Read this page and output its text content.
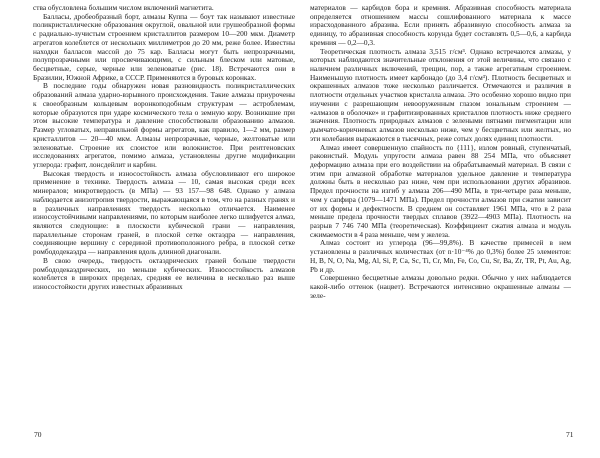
ства обусловлена большим числом включений магнетита.

Балласы, дробеобразный борт, алмазы Куппа — боут так называют известные поликристаллические образования округлой, овальной или грушеобразной формы с радиально-лучистым строением кристаллитов размером 10—200 мкм. Диаметр агрегатов колеблется от нескольких миллиметров до 20 мм, реже более. Известны находки балласов массой до 75 кар. Балласы могут быть непрозрачными, полупрозрачными или просвечивающими, с сильным блеском или матовые, бесцветные, серые, черные или зеленоватые (рис. 18). Встречаются они в Бразилии, Южной Африке, в СССР. Применяются в буровых коронках.

В последние годы обнаружен новая разновидность поликристаллических образований алмаза ударно-взрывного происхождения. Такие алмазы приурочены к своеобразным кольцевым воронкоподобным структурам — астроблемам, которые образуются при ударе космического тела о земную кору. Возникшие при этом высокие температура и давление способствовали образованию алмазов. Размер угловатых, неправильной формы агрегатов, как правило, 1—2 мм, размер кристаллитов — 20—40 мкм. Алмазы непрозрачные, черные, желтоватые или зеленоватые. Строение их слоистое или волокнистое. При рентгеновских исследованиях агрегатов, помимо алмаза, установлены другие модификации углерода: графит, лонсдейлит и карбин.

Высокая твердость и износостойкость алмаза обусловливают его широкое применение в технике. Твердость алмаза — 10, самая высокая среди всех минералов; микротвердость (в МПа) — 93 157—98 648. Однако у алмаза наблюдается анизотропия твердости, выражающаяся в том, что на разных гранях и в различных направлениях твердость несколько отличается. Наименее износоустойчивыми направлениями, по которым наиболее легко шлифуется алмаз, являются следующие: в плоскости кубической грани — направления, параллельные сторонам граней, в плоской сетке октаэдра — направления, соединяющие вершину с серединой противоположного ребра, в плоской сетке ромбододекаэдра — направления вдоль длинной диагонали.

В свою очередь, твердость октаэдрических граней больше твердости ромбододекаэдрических, но меньше кубических. Износостойкость алмазов колеблется в широких пределах, средняя ее величина в несколько раз выше износостойкости других известных абразивных

70

материалов — карбидов бора и кремния. Абразивная способность материала определяется отношением массы сошлифованного материала к массе израсходованного абразива. Если принять абразивную способность алмаза за единицу, то абразивная способность корунда будет составлять 0,5—0,6, а карбида кремния — 0,2—0,3.

Теоретическая плотность алмаза 3,515 г/см³. Однако встречаются алмазы, у которых наблюдаются значительные отклонения от этой величины, что связано с наличием различных включений, трещин, пор, а также агрегатным строением. Наименьшую плотность имеет карбонадо (до 3,4 г/см³). Плотность бесцветных и окрашенных алмазов тоже несколько различается. Отмечаются и различия в плотности отдельных участков кристалла алмаза. Это особенно хорошо видно при изучении с разрешающим невооруженным глазом зональным строением — «алмазов в оболочке» и графитизированных кристаллов плотность ниже среднего значения. Плотность природных алмазов с зелеными пятнами пигментации или дымчато-коричневых алмазов несколько ниже, чем у бесцветных или желтых, но эти колебания выражаются в тысячных, реже сотых долях единиц плотности.

Алмаз имеет совершенную спайность по {111}, излом ровный, ступенчатый, раковистый. Модуль упругости алмаза равен 88 254 МПа, что объясняет деформацию алмаза при его воздействии на обрабатываемый материал. В связи с этим при алмазной обработке материалов удельное давление и температура должны быть в несколько раз ниже, чем при использовании других абразивов. Предел прочности на изгиб у алмаза 206—490 МПа, в три-четыре раза меньше, чем у сапфира (1079—1471 МПа). Предел прочности алмазов при сжатии зависит от их формы и дефектности. В среднем он составляет 1961 МПа, что в 2 раза меньше предела прочности твердых сплавов (3922—4903 МПа). Плотность на разрыв 7 746 740 МПа (теоретическая). Коэффициент сжатия алмаза и модуль сжимаемости в 4 раза меньше, чем у железа.

Алмаз состоит из углерода (96—99,8%). В качестве примесей в нем установлены в различных количествах (от n·10⁻⁴% до 0,3%) более 25 элементов: H, B, N, O, Na, Mg, Al, Si, P, Ca, Sc, Ti, Cr, Mn, Fe, Co, Cu, Sr, Ba, Zr, TR, Pt, Au, Ag, Pb и др.

Совершенно бесцветные алмазы довольно редки. Обычно у них наблюдается какой-либо оттенок (нацвет). Встречаются интенсивно окрашенные алмазы — зеле-

71
